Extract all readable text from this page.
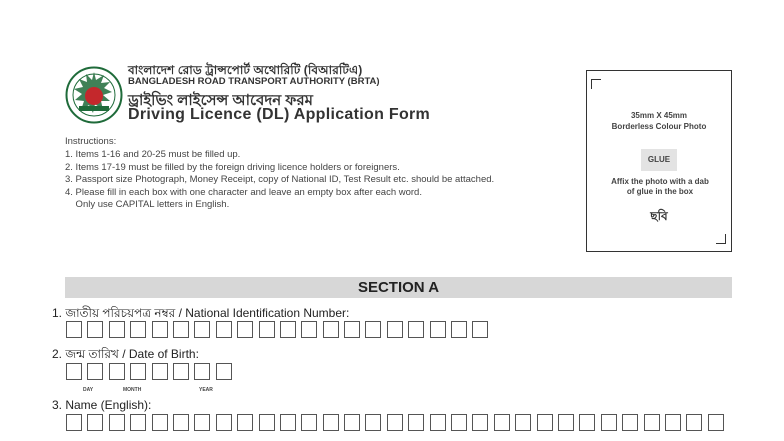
বাংলাদেশ রোড ট্রান্সপোর্ট অথোরিটি (বিআরটিএ)
BANGLADESH ROAD TRANSPORT AUTHORITY (BRTA)
ড্রাইভিং লাইসেন্স আবেদন ফরম
Driving Licence (DL) Application Form
Instructions:
1. Items 1-16 and 20-25 must be filled up.
2. Items 17-19 must be filled by the foreign driving licence holders or foreigners.
3. Passport size Photograph, Money Receipt, copy of National ID, Test Result etc. should be attached.
4. Please fill in each box with one character and leave an empty box after each word.
Only use CAPITAL letters in English.
35mm X 45mm
Borderless Colour Photo
GLUE
Affix the photo with a dab
of glue in the box
ছবি
SECTION A
1. জাতীয় পরিচয়পত্র নম্বর / National Identification Number:
2. জন্ম তারিখ / Date of Birth:
DAY	MONTH	YEAR
3. Name (English):
